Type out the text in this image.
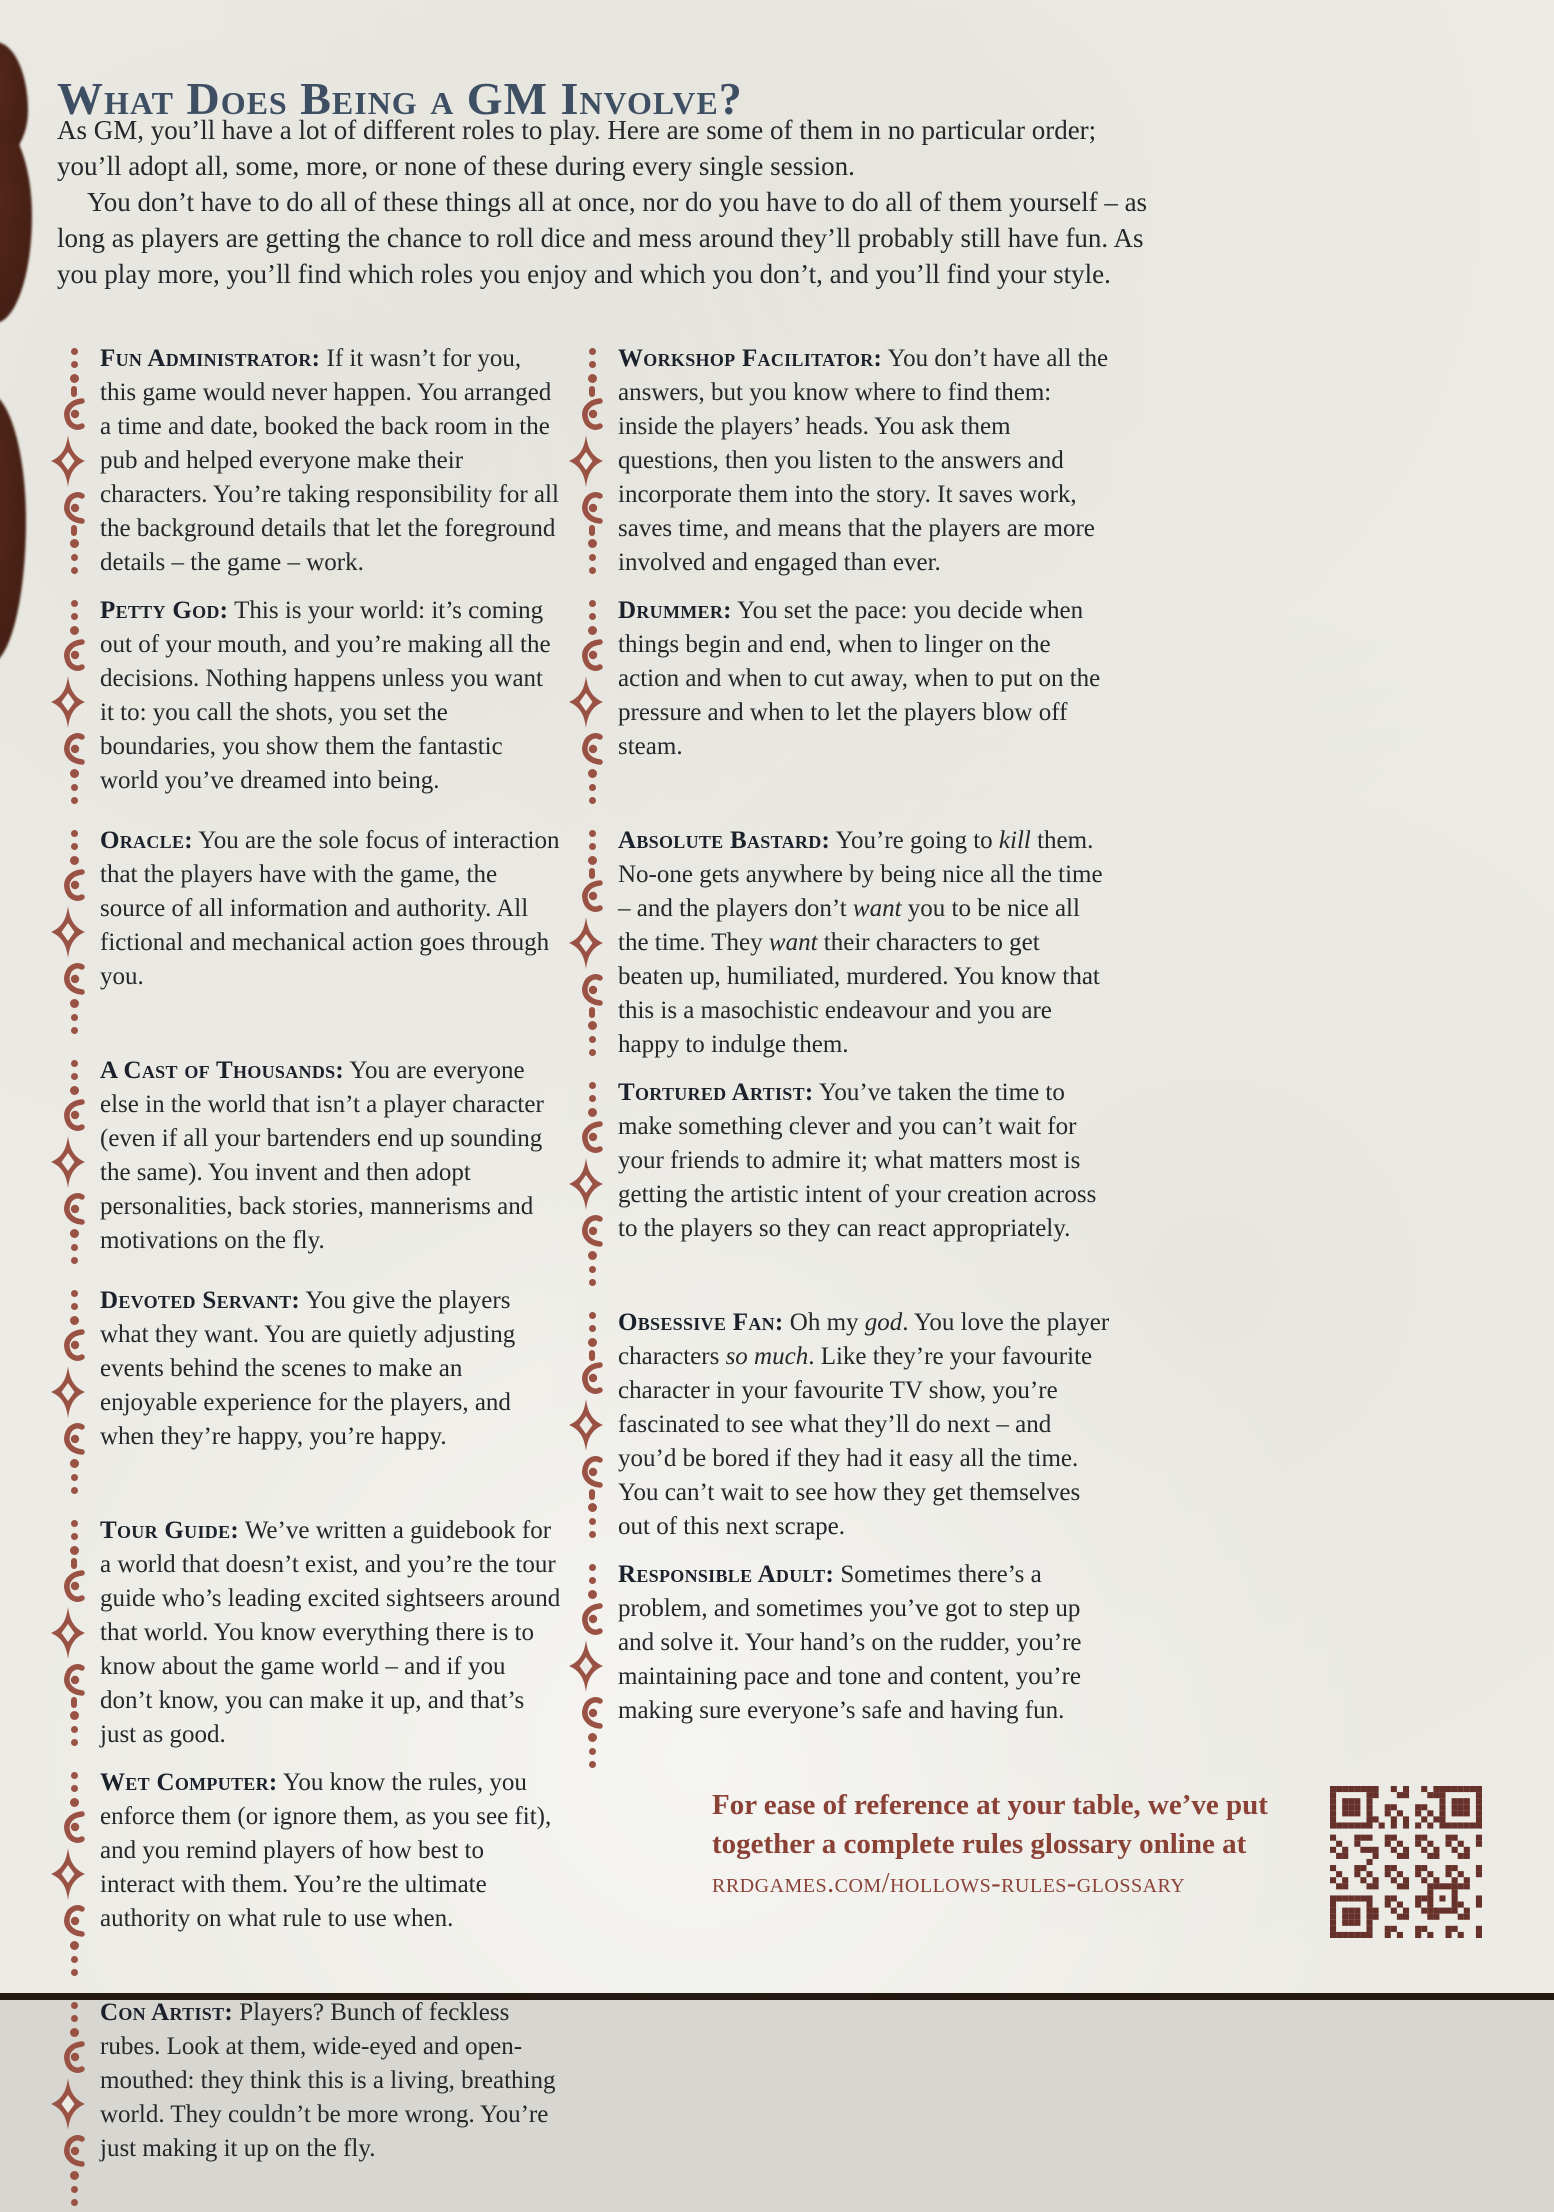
What Does Being a GM Involve?

As GM, you’ll have a lot of different roles to play. Here are some of them in no particular order; you’ll adopt all, some, more, or none of these during every single session.

You don’t have to do all of these things all at once, nor do you have to do all of them yourself – as long as players are getting the chance to roll dice and mess around they’ll probably still have fun. As you play more, you’ll find which roles you enjoy and which you don’t, and you’ll find your style.

Fun Administrator: If it wasn’t for you, this game would never happen. You arranged a time and date, booked the back room in the pub and helped everyone make their characters. You’re taking responsibility for all the background details that let the foreground details – the game – work.

Petty God: This is your world: it’s coming out of your mouth, and you’re making all the decisions. Nothing happens unless you want it to: you call the shots, you set the boundaries, you show them the fantastic world you’ve dreamed into being.

Oracle: You are the sole focus of interaction that the players have with the game, the source of all information and authority. All fictional and mechanical action goes through you.

A Cast of Thousands: You are everyone else in the world that isn’t a player character (even if all your bartenders end up sounding the same). You invent and then adopt personalities, back stories, mannerisms and motivations on the fly.

Devoted Servant: You give the players what they want. You are quietly adjusting events behind the scenes to make an enjoyable experience for the players, and when they’re happy, you’re happy.

Tour Guide: We’ve written a guidebook for a world that doesn’t exist, and you’re the tour guide who’s leading excited sightseers around that world. You know everything there is to know about the game world – and if you don’t know, you can make it up, and that’s just as good.

Wet Computer: You know the rules, you enforce them (or ignore them, as you see fit), and you remind players of how best to interact with them. You’re the ultimate authority on what rule to use when.

Con Artist: Players? Bunch of feckless rubes. Look at them, wide-eyed and open-mouthed: they think this is a living, breathing world. They couldn’t be more wrong. You’re just making it up on the fly.

Workshop Facilitator: You don’t have all the answers, but you know where to find them: inside the players’ heads. You ask them questions, then you listen to the answers and incorporate them into the story. It saves work, saves time, and means that the players are more involved and engaged than ever.

Drummer: You set the pace: you decide when things begin and end, when to linger on the action and when to cut away, when to put on the pressure and when to let the players blow off steam.

Absolute Bastard: You’re going to kill them. No-one gets anywhere by being nice all the time – and the players don’t want you to be nice all the time. They want their characters to get beaten up, humiliated, murdered. You know that this is a masochistic endeavour and you are happy to indulge them.

Tortured Artist: You’ve taken the time to make something clever and you can’t wait for your friends to admire it; what matters most is getting the artistic intent of your creation across to the players so they can react appropriately.

Obsessive Fan: Oh my god. You love the player characters so much. Like they’re your favourite character in your favourite TV show, you’re fascinated to see what they’ll do next – and you’d be bored if they had it easy all the time. You can’t wait to see how they get themselves out of this next scrape.

Responsible Adult: Sometimes there’s a problem, and sometimes you’ve got to step up and solve it. Your hand’s on the rudder, you’re maintaining pace and tone and content, you’re making sure everyone’s safe and having fun.

For ease of reference at your table, we’ve put together a complete rules glossary online at rrdgames.com/hollows-rules-glossary
